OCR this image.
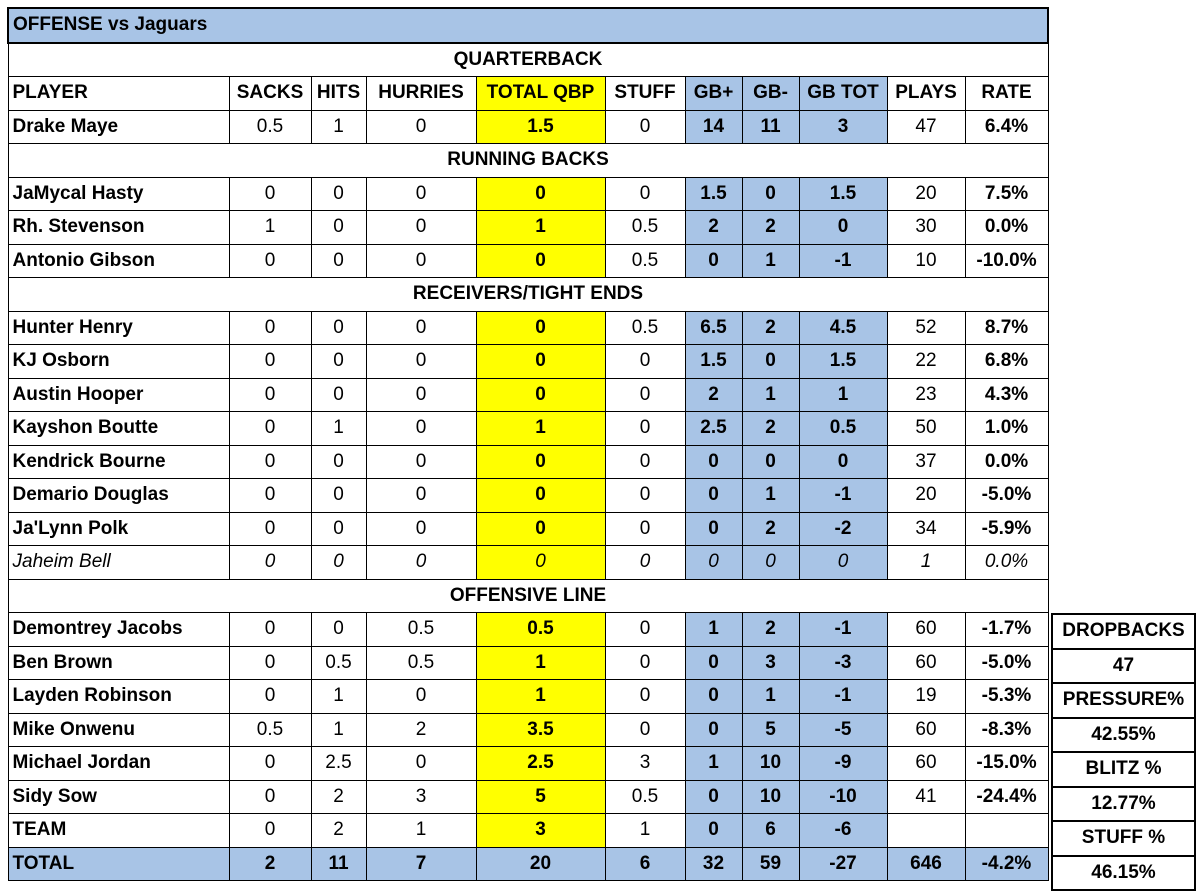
OFFENSE vs Jaguars										
QUARTERBACK										
PLAYER	SACKS	HITS	HURRIES	TOTAL QBP	STUFF	GB+	GB-	GB TOT	PLAYS	RATE
Drake Maye	0.5	1	0	1.5	0	14	11	3	47	6.4%
RUNNING BACKS										
JaMycal Hasty	0	0	0	0	0	1.5	0	1.5	20	7.5%
Rh. Stevenson	1	0	0	1	0.5	2	2	0	30	0.0%
Antonio Gibson	0	0	0	0	0.5	0	1	-1	10	-10.0%
RECEIVERS/TIGHT ENDS										
Hunter Henry	0	0	0	0	0.5	6.5	2	4.5	52	8.7%
KJ Osborn	0	0	0	0	0	1.5	0	1.5	22	6.8%
Austin Hooper	0	0	0	0	0	2	1	1	23	4.3%
Kayshon Boutte	0	1	0	1	0	2.5	2	0.5	50	1.0%
Kendrick Bourne	0	0	0	0	0	0	0	0	37	0.0%
Demario Douglas	0	0	0	0	0	0	1	-1	20	-5.0%
Ja'Lynn Polk	0	0	0	0	0	0	2	-2	34	-5.9%
Jaheim Bell	0	0	0	0	0	0	0	0	1	0.0%
OFFENSIVE LINE										
Demontrey Jacobs	0	0	0.5	0.5	0	1	2	-1	60	-1.7%
Ben Brown	0	0.5	0.5	1	0	0	3	-3	60	-5.0%
Layden Robinson	0	1	0	1	0	0	1	-1	19	-5.3%
Mike Onwenu	0.5	1	2	3.5	0	0	5	-5	60	-8.3%
Michael Jordan	0	2.5	0	2.5	3	1	10	-9	60	-15.0%
Sidy Sow	0	2	3	5	0.5	0	10	-10	41	-24.4%
TEAM	0	2	1	3	1	0	6	-6		
TOTAL	2	11	7	20	6	32	59	-27	646	-4.2%
DROPBACKS
47
PRESSURE%
42.55%
BLITZ %
12.77%
STUFF %
46.15%
